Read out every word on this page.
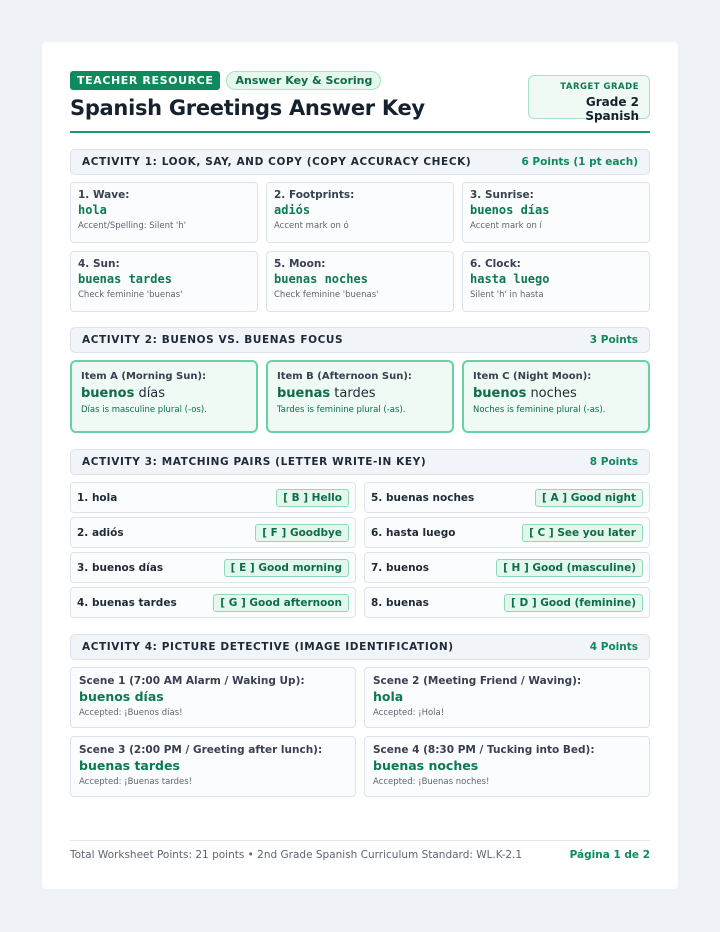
TEACHER RESOURCE	Answer Key & Scoring
Spanish Greetings Answer Key
TARGET GRADE
Grade 2 Spanish
ACTIVITY 1: LOOK, SAY, AND COPY (COPY ACCURACY CHECK)	6 Points (1 pt each)
1. Wave:
hola
Accent/Spelling: Silent 'h'
2. Footprints:
adiós
Accent mark on ó
3. Sunrise:
buenos días
Accent mark on í
4. Sun:
buenas tardes
Check feminine 'buenas'
5. Moon:
buenas noches
Check feminine 'buenas'
6. Clock:
hasta luego
Silent 'h' in hasta
ACTIVITY 2: BUENOS VS. BUENAS FOCUS	3 Points
Item A (Morning Sun):
buenos días
Días is masculine plural (-os).
Item B (Afternoon Sun):
buenas tardes
Tardes is feminine plural (-as).
Item C (Night Moon):
buenos noches
Noches is feminine plural (-as).
ACTIVITY 3: MATCHING PAIRS (LETTER WRITE-IN KEY)	8 Points
1. hola	[ B ] Hello	5. buenas noches	[ A ] Good night
2. adiós	[ F ] Goodbye	6. hasta luego	[ C ] See you later
3. buenos días	[ E ] Good morning	7. buenos	[ H ] Good (masculine)
4. buenas tardes	[ G ] Good afternoon	8. buenas	[ D ] Good (feminine)
ACTIVITY 4: PICTURE DETECTIVE (IMAGE IDENTIFICATION)	4 Points
Scene 1 (7:00 AM Alarm / Waking Up):
buenos días
Accepted: ¡Buenos días!
Scene 2 (Meeting Friend / Waving):
hola
Accepted: ¡Hola!
Scene 3 (2:00 PM / Greeting after lunch):
buenas tardes
Accepted: ¡Buenas tardes!
Scene 4 (8:30 PM / Tucking into Bed):
buenas noches
Accepted: ¡Buenas noches!
Total Worksheet Points: 21 points • 2nd Grade Spanish Curriculum Standard: WL.K-2.1	Página 1 de 2
